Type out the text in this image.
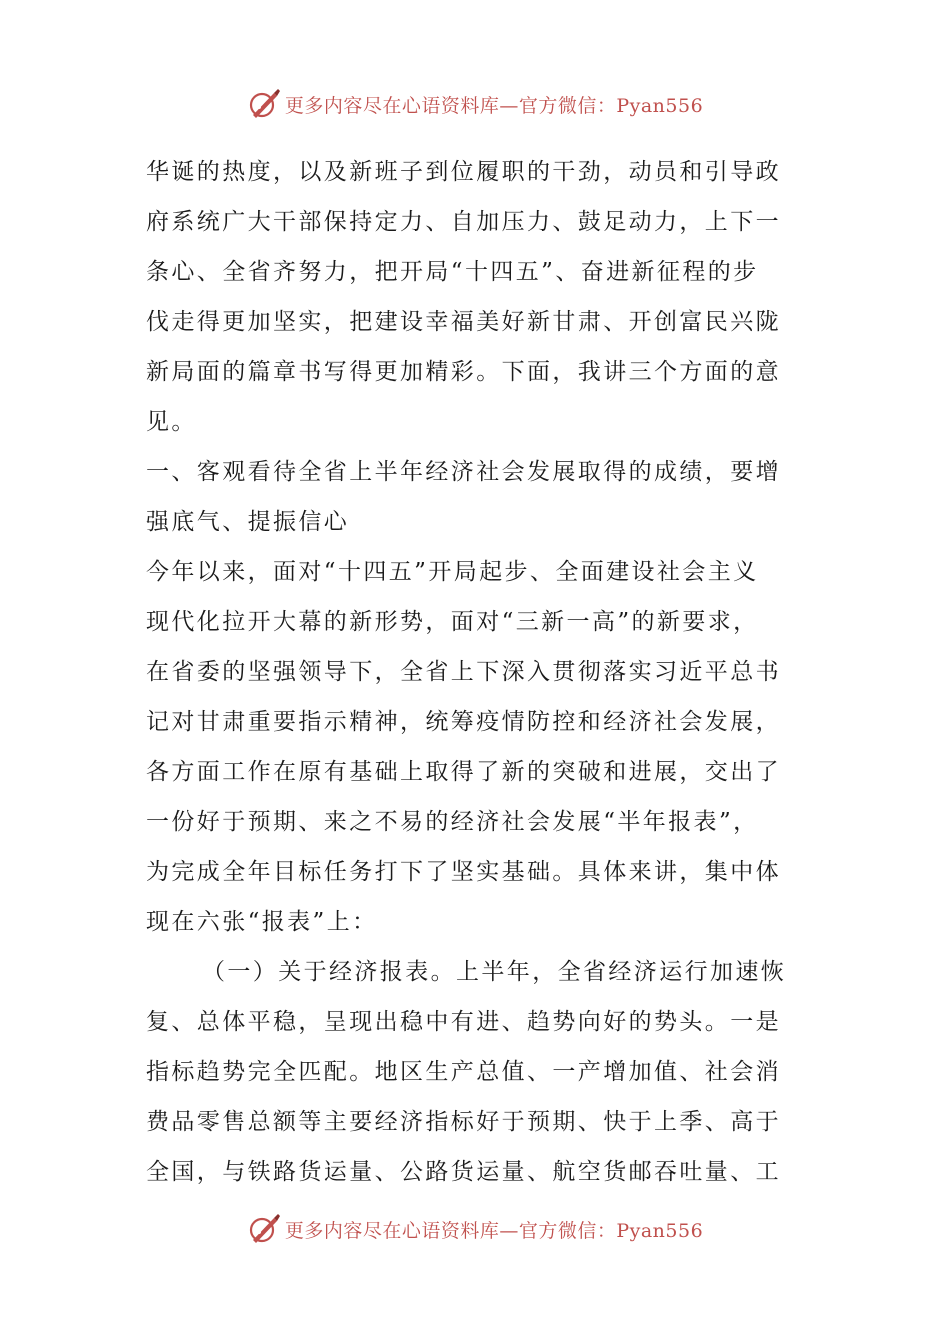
更多内容尽在心语资料库—官方微信：Pyan556
华诞的热度，以及新班子到位履职的干劲，动员和引导政
府系统广大干部保持定力、自加压力、鼓足动力，上下一
条心、全省齐努力，把开局“十四五”、奋进新征程的步
伐走得更加坚实，把建设幸福美好新甘肃、开创富民兴陇
新局面的篇章书写得更加精彩。下面，我讲三个方面的意
见。
一、客观看待全省上半年经济社会发展取得的成绩，要增
强底气、提振信心
今年以来，面对“十四五”开局起步、全面建设社会主义
现代化拉开大幕的新形势，面对“三新一高”的新要求，
在省委的坚强领导下，全省上下深入贯彻落实习近平总书
记对甘肃重要指示精神，统筹疫情防控和经济社会发展，
各方面工作在原有基础上取得了新的突破和进展，交出了
一份好于预期、来之不易的经济社会发展“半年报表”，
为完成全年目标任务打下了坚实基础。具体来讲，集中体
现在六张“报表”上：
（一）关于经济报表。上半年，全省经济运行加速恢
复、总体平稳，呈现出稳中有进、趋势向好的势头。一是
指标趋势完全匹配。地区生产总值、一产增加值、社会消
费品零售总额等主要经济指标好于预期、快于上季、高于
全国，与铁路货运量、公路货运量、航空货邮吞吐量、工
更多内容尽在心语资料库—官方微信：Pyan556
